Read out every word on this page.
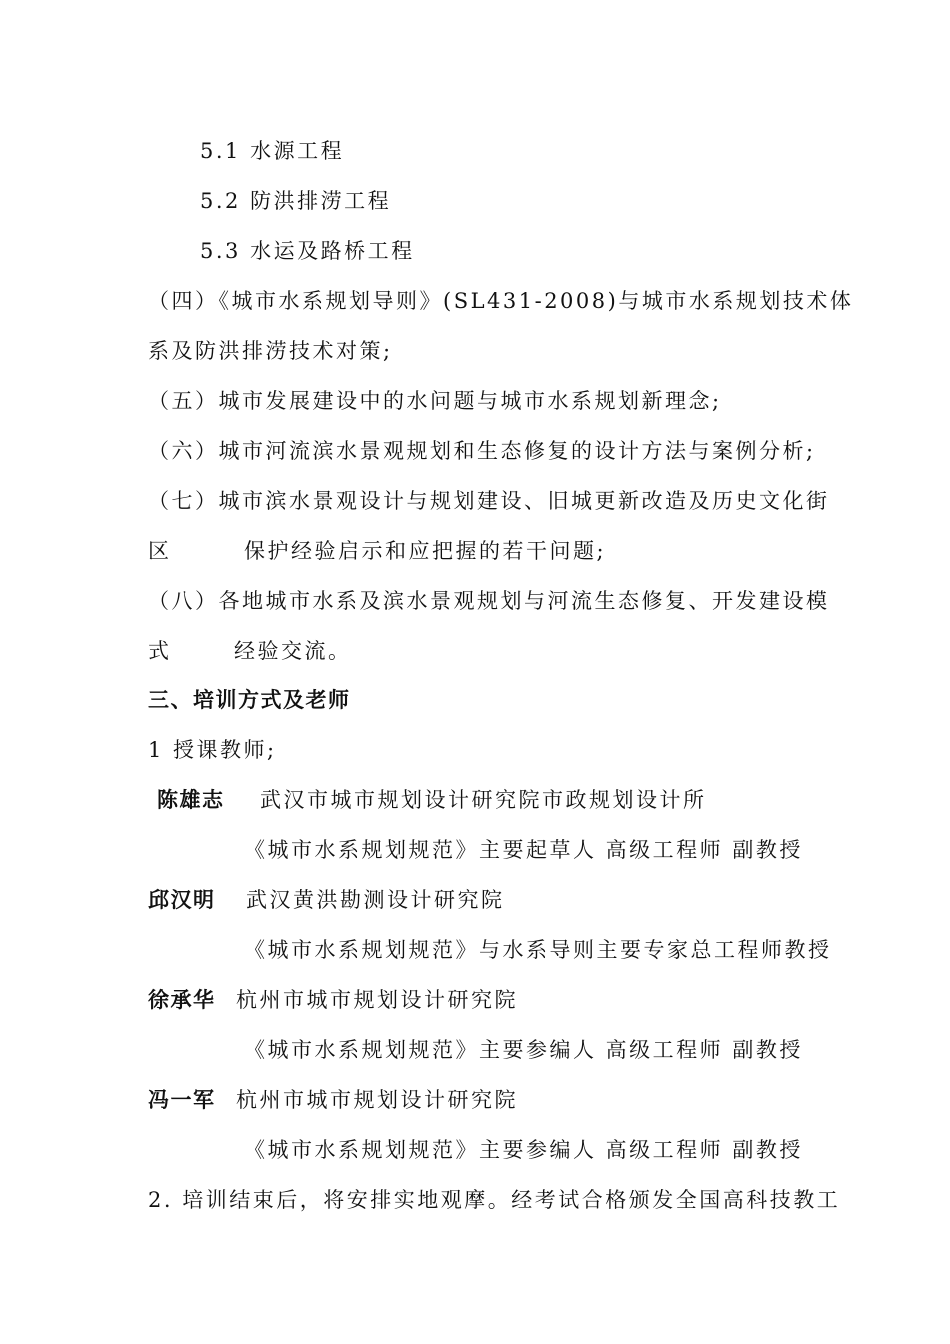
5.1 水源工程
5.2 防洪排涝工程
5.3 水运及路桥工程
（四）《城市水系规划导则》(SL431-2008)与城市水系规划技术体
系及防洪排涝技术对策;
（五）城市发展建设中的水问题与城市水系规划新理念;
（六）城市河流滨水景观规划和生态修复的设计方法与案例分析;
（七）城市滨水景观设计与规划建设、旧城更新改造及历史文化街
区	保护经验启示和应把握的若干问题;
（八）各地城市水系及滨水景观规划与河流生态修复、开发建设模
式	经验交流。
三、培训方式及老师
1 授课教师;
陈雄志 武汉市城市规划设计研究院市政规划设计所
《城市水系规划规范》主要起草人 高级工程师 副教授
邱汉明 武汉黄洪勘测设计研究院
《城市水系规划规范》与水系导则主要专家总工程师教授
徐承华 杭州市城市规划设计研究院
《城市水系规划规范》主要参编人 高级工程师 副教授
冯一军 杭州市城市规划设计研究院
《城市水系规划规范》主要参编人 高级工程师 副教授
2. 培训结束后，将安排实地观摩。经考试合格颁发全国高科技教工
